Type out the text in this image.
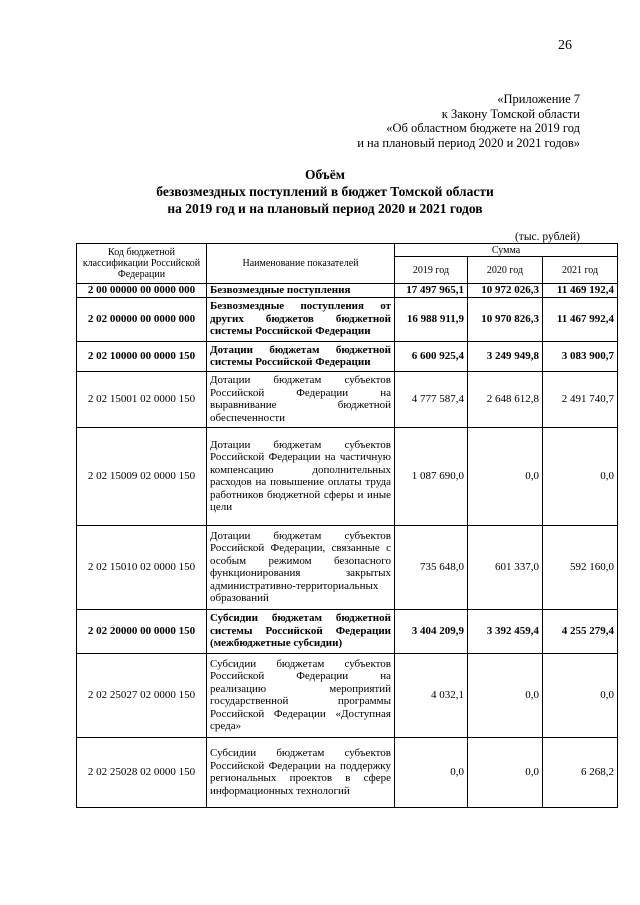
26
«Приложение 7
к Закону Томской области
«Об областном бюджете на 2019 год
и на плановый период 2020 и 2021 годов»
Объём
безвозмездных поступлений в бюджет Томской области
на 2019 год и на плановый период 2020 и 2021 годов
(тыс. рублей)
Код бюджетной классификации Российской Федерации	Наименование показателей	Сумма		
		2019 год	2020 год	2021 год
2 00 00000 00 0000 000	Безвозмездные поступления	17 497 965,1	10 972 026,3	11 469 192,4
2 02 00000 00 0000 000	Безвозмездные поступления от других бюджетов бюджетной системы Российской Федерации	16 988 911,9	10 970 826,3	11 467 992,4
2 02 10000 00 0000 150	Дотации бюджетам бюджетной системы Российской Федерации	6 600 925,4	3 249 949,8	3 083 900,7
2 02 15001 02 0000 150	Дотации бюджетам субъектов Российской Федерации на выравнивание бюджетной обеспеченности	4 777 587,4	2 648 612,8	2 491 740,7
2 02 15009 02 0000 150	Дотации бюджетам субъектов Российской Федерации на частичную компенсацию дополнительных расходов на повышение оплаты труда работников бюджетной сферы и иные цели	1 087 690,0	0,0	0,0
2 02 15010 02 0000 150	Дотации бюджетам субъектов Российской Федерации, связанные с особым режимом безопасного функционирования закрытых административно-территориальных образований	735 648,0	601 337,0	592 160,0
2 02 20000 00 0000 150	Субсидии бюджетам бюджетной системы Российской Федерации (межбюджетные субсидии)	3 404 209,9	3 392 459,4	4 255 279,4
2 02 25027 02 0000 150	Субсидии бюджетам субъектов Российской Федерации на реализацию мероприятий государственной программы Российской Федерации «Доступная среда»	4 032,1	0,0	0,0
2 02 25028 02 0000 150	Субсидии бюджетам субъектов Российской Федерации на поддержку региональных проектов в сфере информационных технологий	0,0	0,0	6 268,2
